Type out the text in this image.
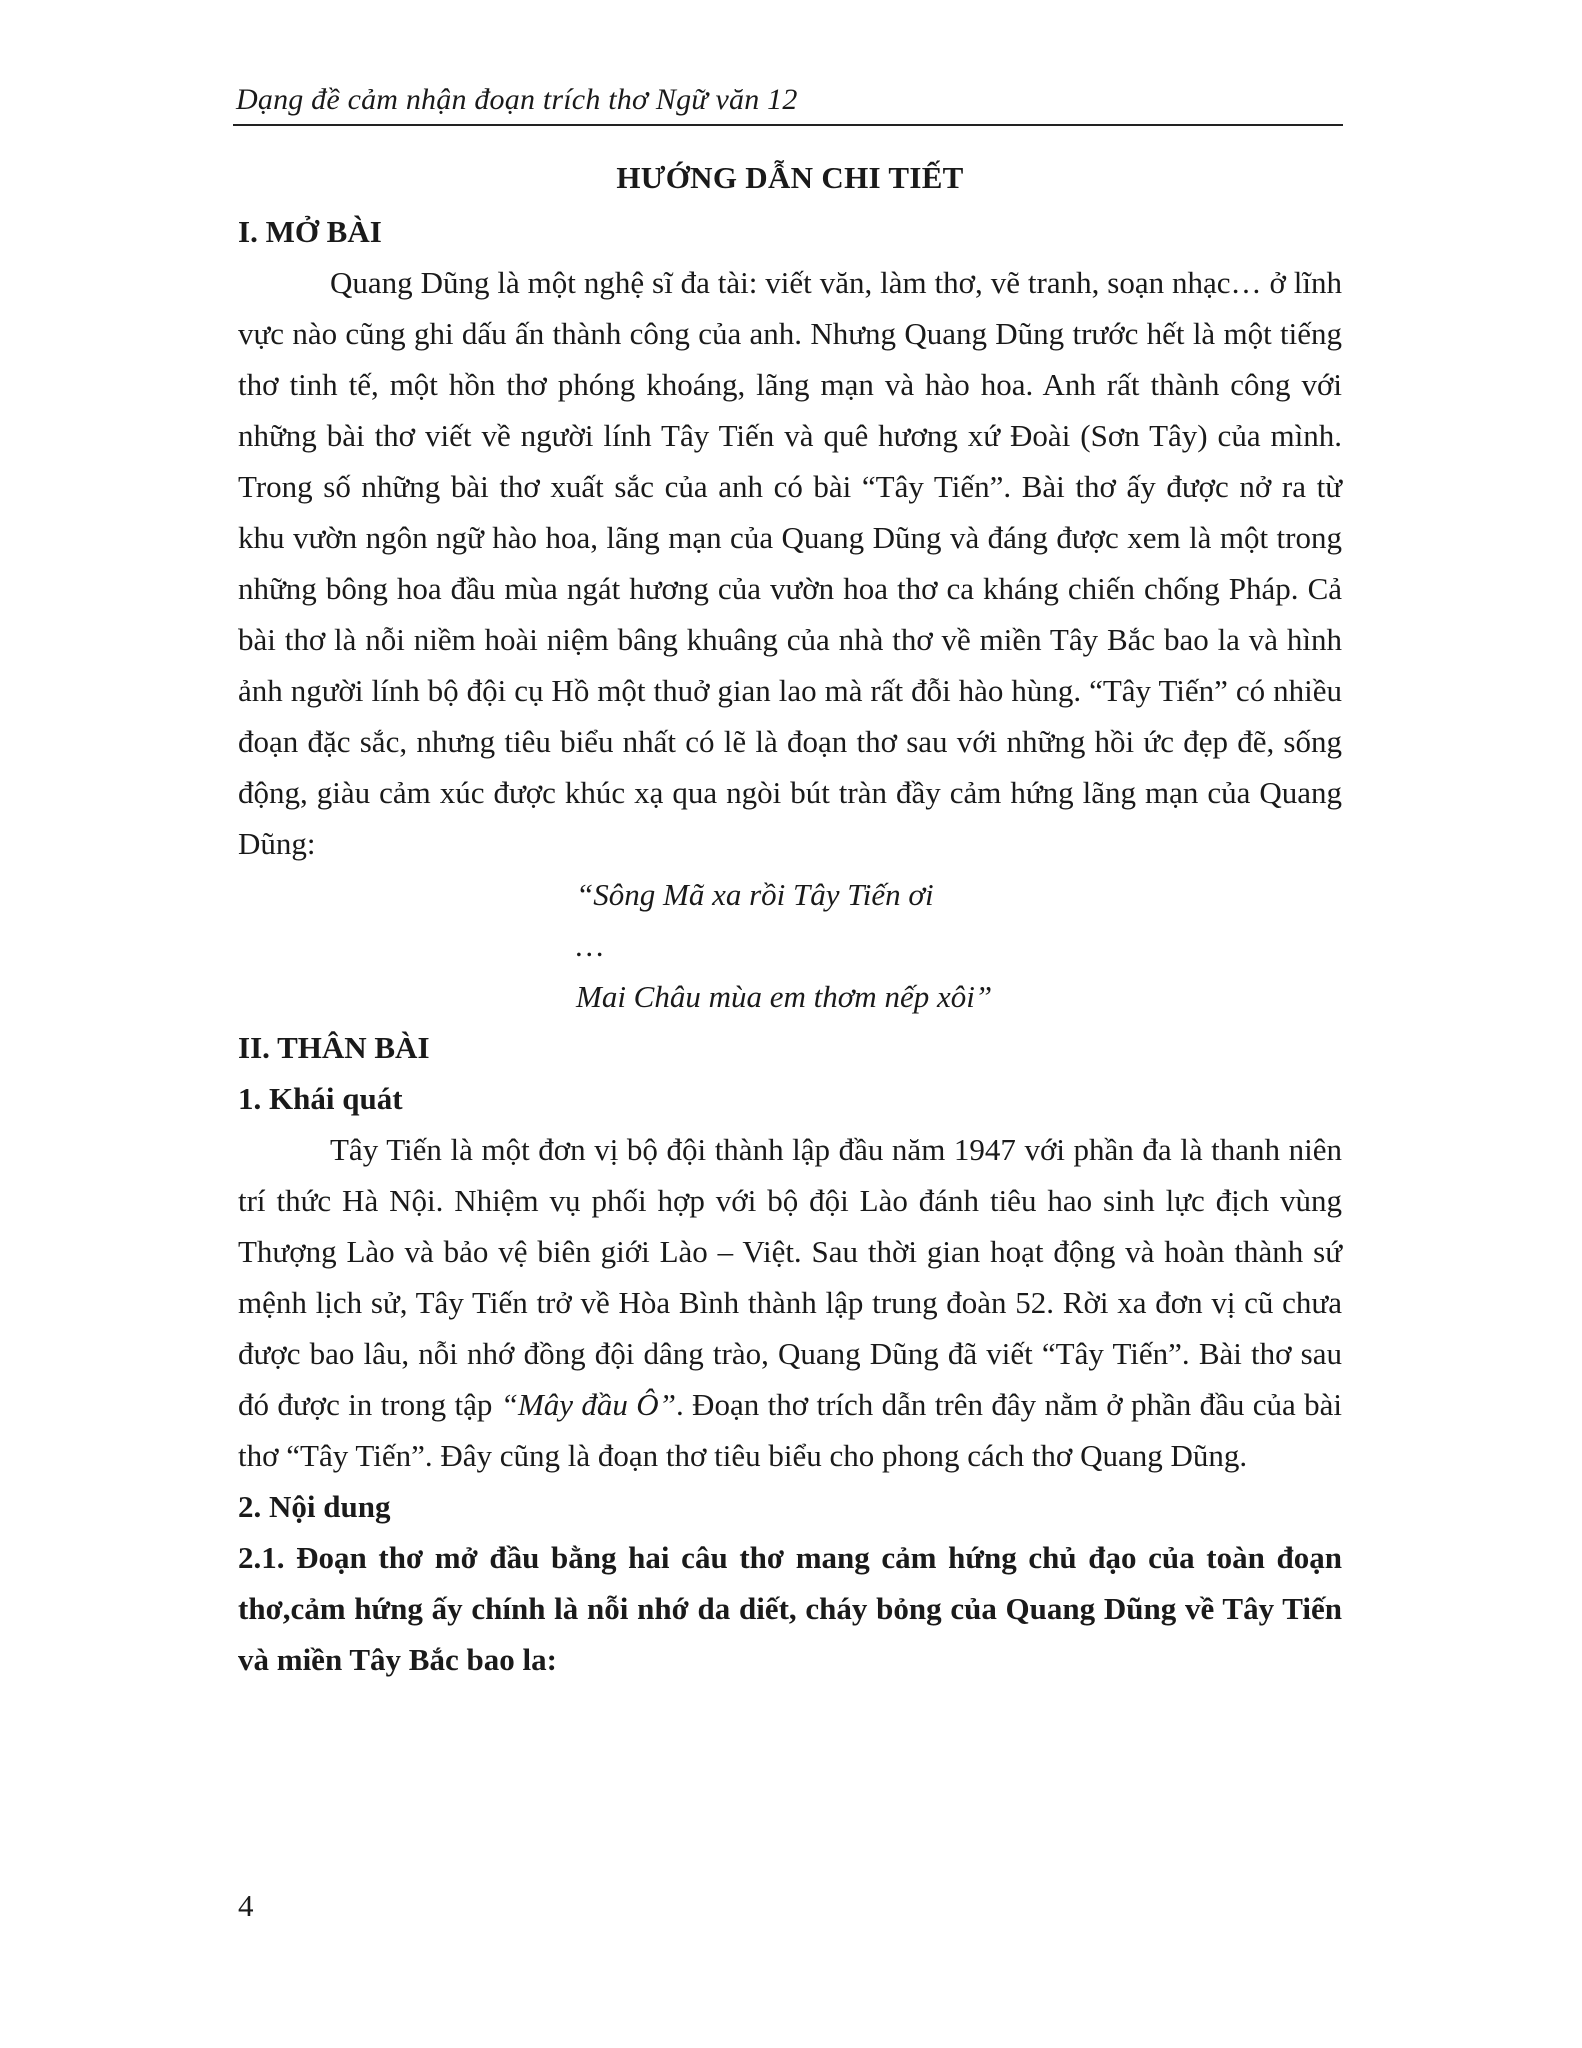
Dạng đề cảm nhận đoạn trích thơ Ngữ văn 12
HƯỚNG DẪN CHI TIẾT
I. MỞ BÀI

Quang Dũng là một nghệ sĩ đa tài: viết văn, làm thơ, vẽ tranh, soạn nhạc… ở lĩnh vực nào cũng ghi dấu ấn thành công của anh. Nhưng Quang Dũng trước hết là một tiếng thơ tinh tế, một hồn thơ phóng khoáng, lãng mạn và hào hoa. Anh rất thành công với những bài thơ viết về người lính Tây Tiến và quê hương xứ Đoài (Sơn Tây) của mình. Trong số những bài thơ xuất sắc của anh có bài “Tây Tiến”. Bài thơ ấy được nở ra từ khu vườn ngôn ngữ hào hoa, lãng mạn của Quang Dũng và đáng được xem là một trong những bông hoa đầu mùa ngát hương của vườn hoa thơ ca kháng chiến chống Pháp. Cả bài thơ là nỗi niềm hoài niệm bâng khuâng của nhà thơ về miền Tây Bắc bao la và hình ảnh người lính bộ đội cụ Hồ một thuở gian lao mà rất đỗi hào hùng. “Tây Tiến” có nhiều đoạn đặc sắc, nhưng tiêu biểu nhất có lẽ là đoạn thơ sau với những hồi ức đẹp đẽ, sống động, giàu cảm xúc được khúc xạ qua ngòi bút tràn đầy cảm hứng lãng mạn của Quang Dũng:

“Sông Mã xa rồi Tây Tiến ơi
…
Mai Châu mùa em thơm nếp xôi”
II. THÂN BÀI
1. Khái quát

Tây Tiến là một đơn vị bộ đội thành lập đầu năm 1947 với phần đa là thanh niên trí thức Hà Nội. Nhiệm vụ phối hợp với bộ đội Lào đánh tiêu hao sinh lực địch vùng Thượng Lào và bảo vệ biên giới Lào – Việt. Sau thời gian hoạt động và hoàn thành sứ mệnh lịch sử, Tây Tiến trở về Hòa Bình thành lập trung đoàn 52. Rời xa đơn vị cũ chưa được bao lâu, nỗi nhớ đồng đội dâng trào, Quang Dũng đã viết “Tây Tiến”. Bài thơ sau đó được in trong tập “Mây đầu Ô”. Đoạn thơ trích dẫn trên đây nằm ở phần đầu của bài thơ “Tây Tiến”. Đây cũng là đoạn thơ tiêu biểu cho phong cách thơ Quang Dũng.

2. Nội dung

2.1. Đoạn thơ mở đầu bằng hai câu thơ mang cảm hứng chủ đạo của toàn đoạn thơ,cảm hứng ấy chính là nỗi nhớ da diết, cháy bỏng của Quang Dũng về Tây Tiến và miền Tây Bắc bao la:

4
